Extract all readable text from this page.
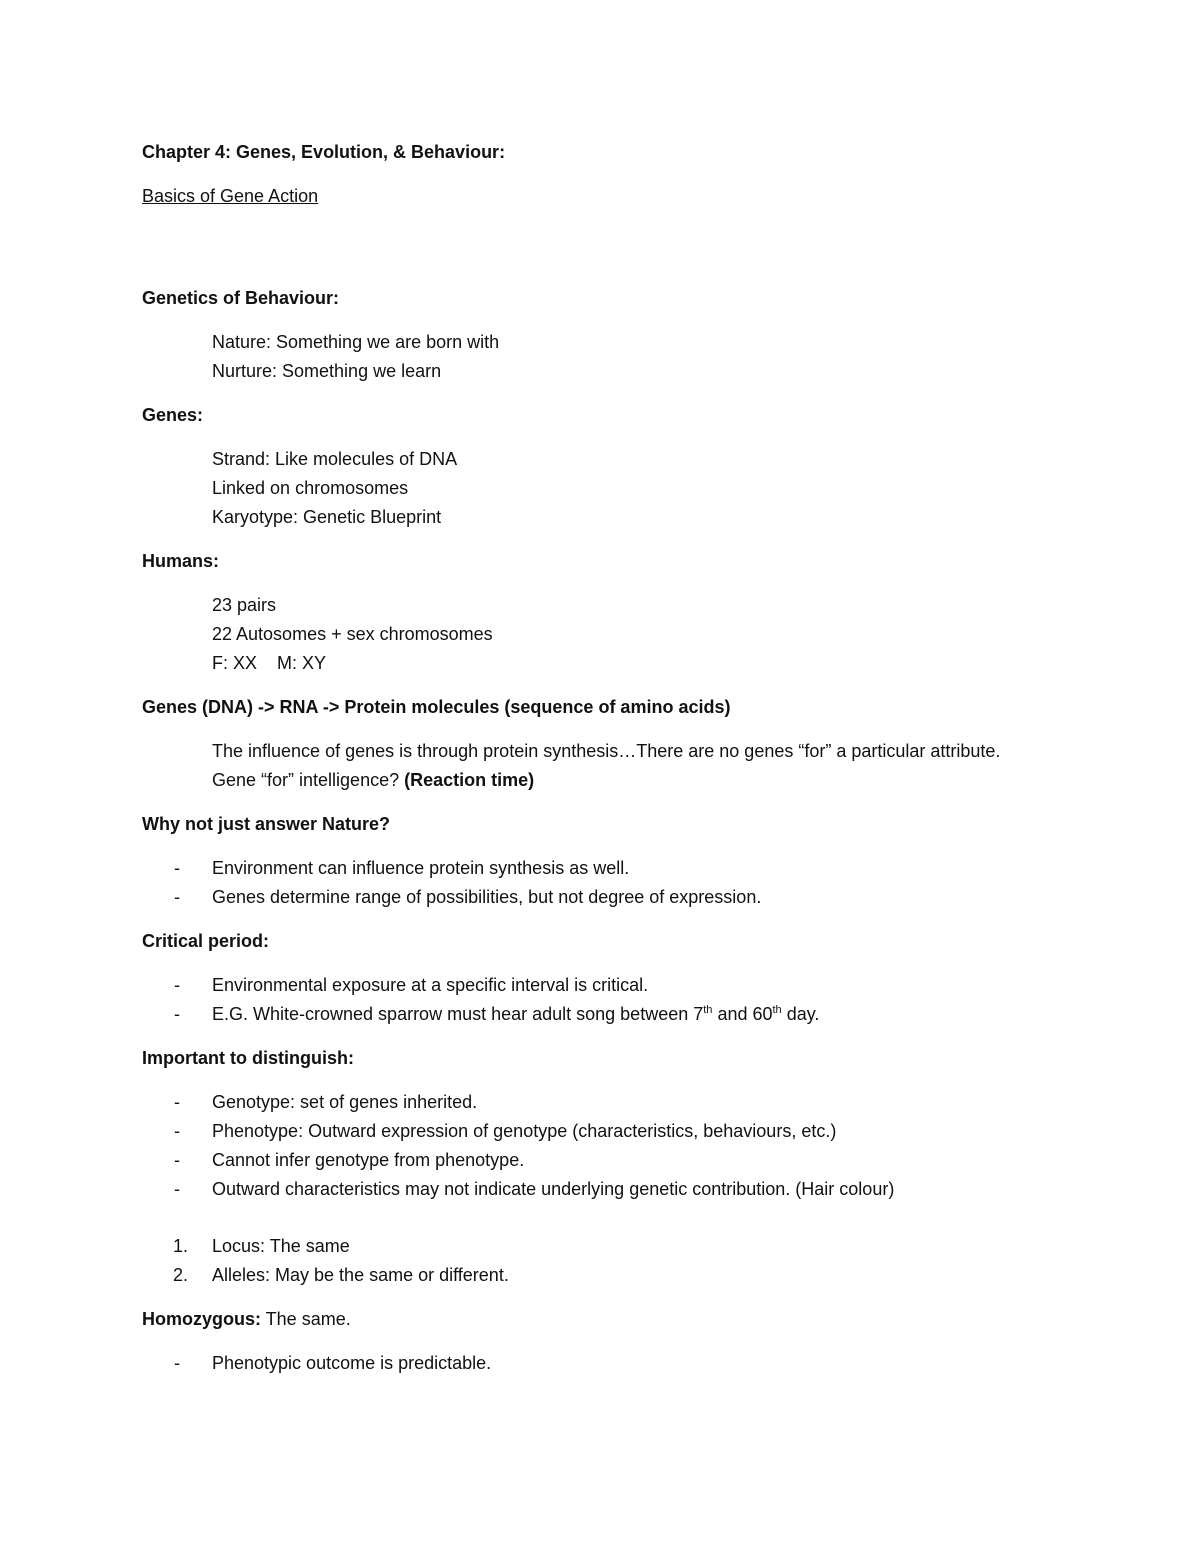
Chapter 4: Genes, Evolution, & Behaviour:

Basics of Gene Action

Genetics of Behaviour:

Nature: Something we are born with

Nurture: Something we learn

Genes:

Strand: Like molecules of DNA

Linked on chromosomes

Karyotype: Genetic Blueprint

Humans:

23 pairs

22 Autosomes + sex chromosomes

F: XX    M: XY

Genes (DNA) -> RNA -> Protein molecules (sequence of amino acids)

The influence of genes is through protein synthesis…There are no genes “for” a particular attribute.

Gene “for” intelligence? (Reaction time)

Why not just answer Nature?

- Environment can influence protein synthesis as well.
- Genes determine range of possibilities, but not degree of expression.

Critical period:

- Environmental exposure at a specific interval is critical.
- E.G. White-crowned sparrow must hear adult song between 7th and 60th day.

Important to distinguish:

- Genotype: set of genes inherited.
- Phenotype: Outward expression of genotype (characteristics, behaviours, etc.)
- Cannot infer genotype from phenotype.
- Outward characteristics may not indicate underlying genetic contribution. (Hair colour)
1. Locus: The same
2. Alleles: May be the same or different.

Homozygous: The same.

- Phenotypic outcome is predictable.
